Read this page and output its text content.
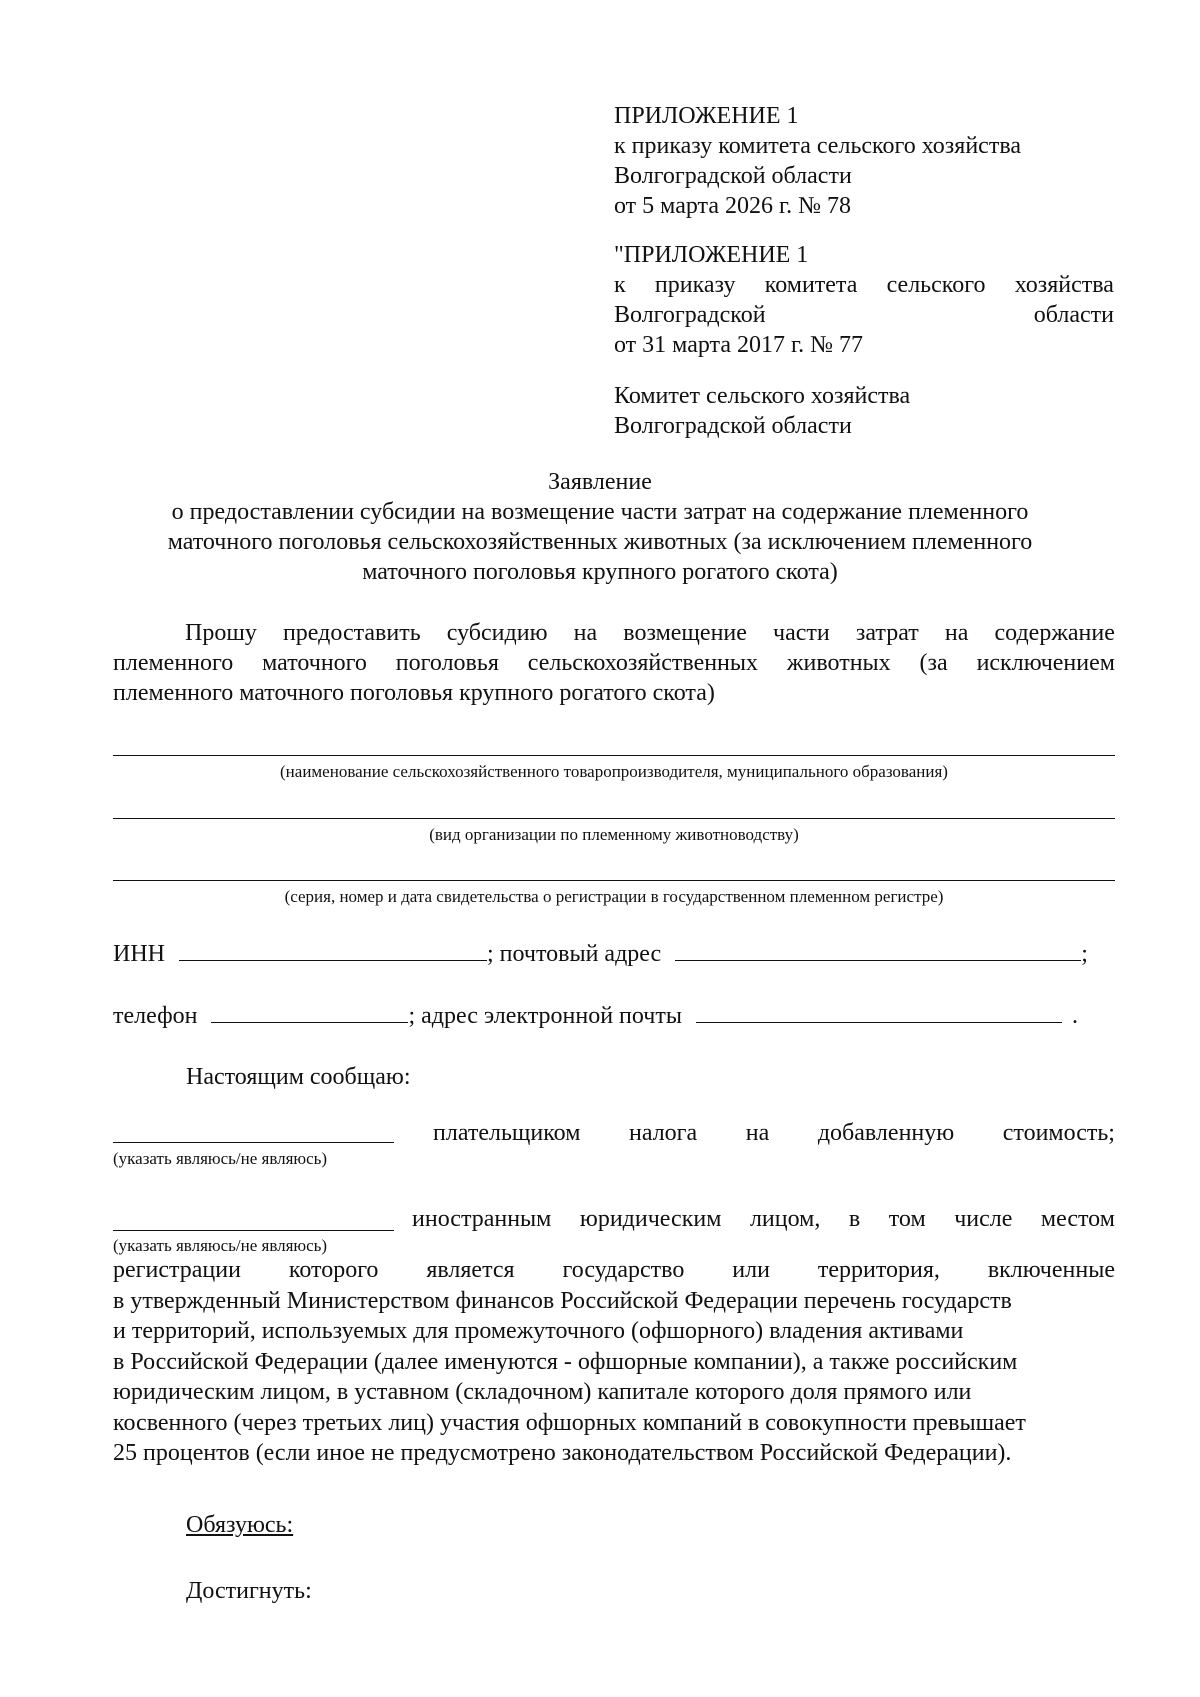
ПРИЛОЖЕНИЕ 1
к приказу комитета сельского хозяйства
Волгоградской области
от 5 марта 2026 г. № 78
"ПРИЛОЖЕНИЕ 1
к приказу комитета сельского хозяйства
Волгоградской	области
от 31 марта 2017 г. № 77
Комитет сельского хозяйства
Волгоградской области
Заявление
о предоставлении субсидии на возмещение части затрат на содержание племенного
маточного поголовья сельскохозяйственных животных (за исключением племенного
маточного поголовья крупного рогатого скота)
Прошу предоставить субсидию на возмещение части затрат на содержание
племенного маточного поголовья сельскохозяйственных животных (за исключением
племенного маточного поголовья крупного рогатого скота)
(наименование сельскохозяйственного товаропроизводителя, муниципального образования)
(вид организации по племенному животноводству)
(серия, номер и дата свидетельства о регистрации в государственном племенном регистре)
ИНН	; почтовый адрес	;
телефон	; адрес электронной почты	.
Настоящим сообщаю:
плательщиком налога на добавленную стоимость;
(указать являюсь/не являюсь)
иностранным юридическим лицом, в том числе местом
(указать являюсь/не являюсь)
регистрации которого является государство или территория, включенные
в утвержденный Министерством финансов Российской Федерации перечень государств
и территорий, используемых для промежуточного (офшорного) владения активами
в Российской Федерации (далее именуются - офшорные компании), а также российским
юридическим лицом, в уставном (складочном) капитале которого доля прямого или
косвенного (через третьих лиц) участия офшорных компаний в совокупности превышает
25 процентов (если иное не предусмотрено законодательством Российской Федерации).
Обязуюсь:
Достигнуть:
